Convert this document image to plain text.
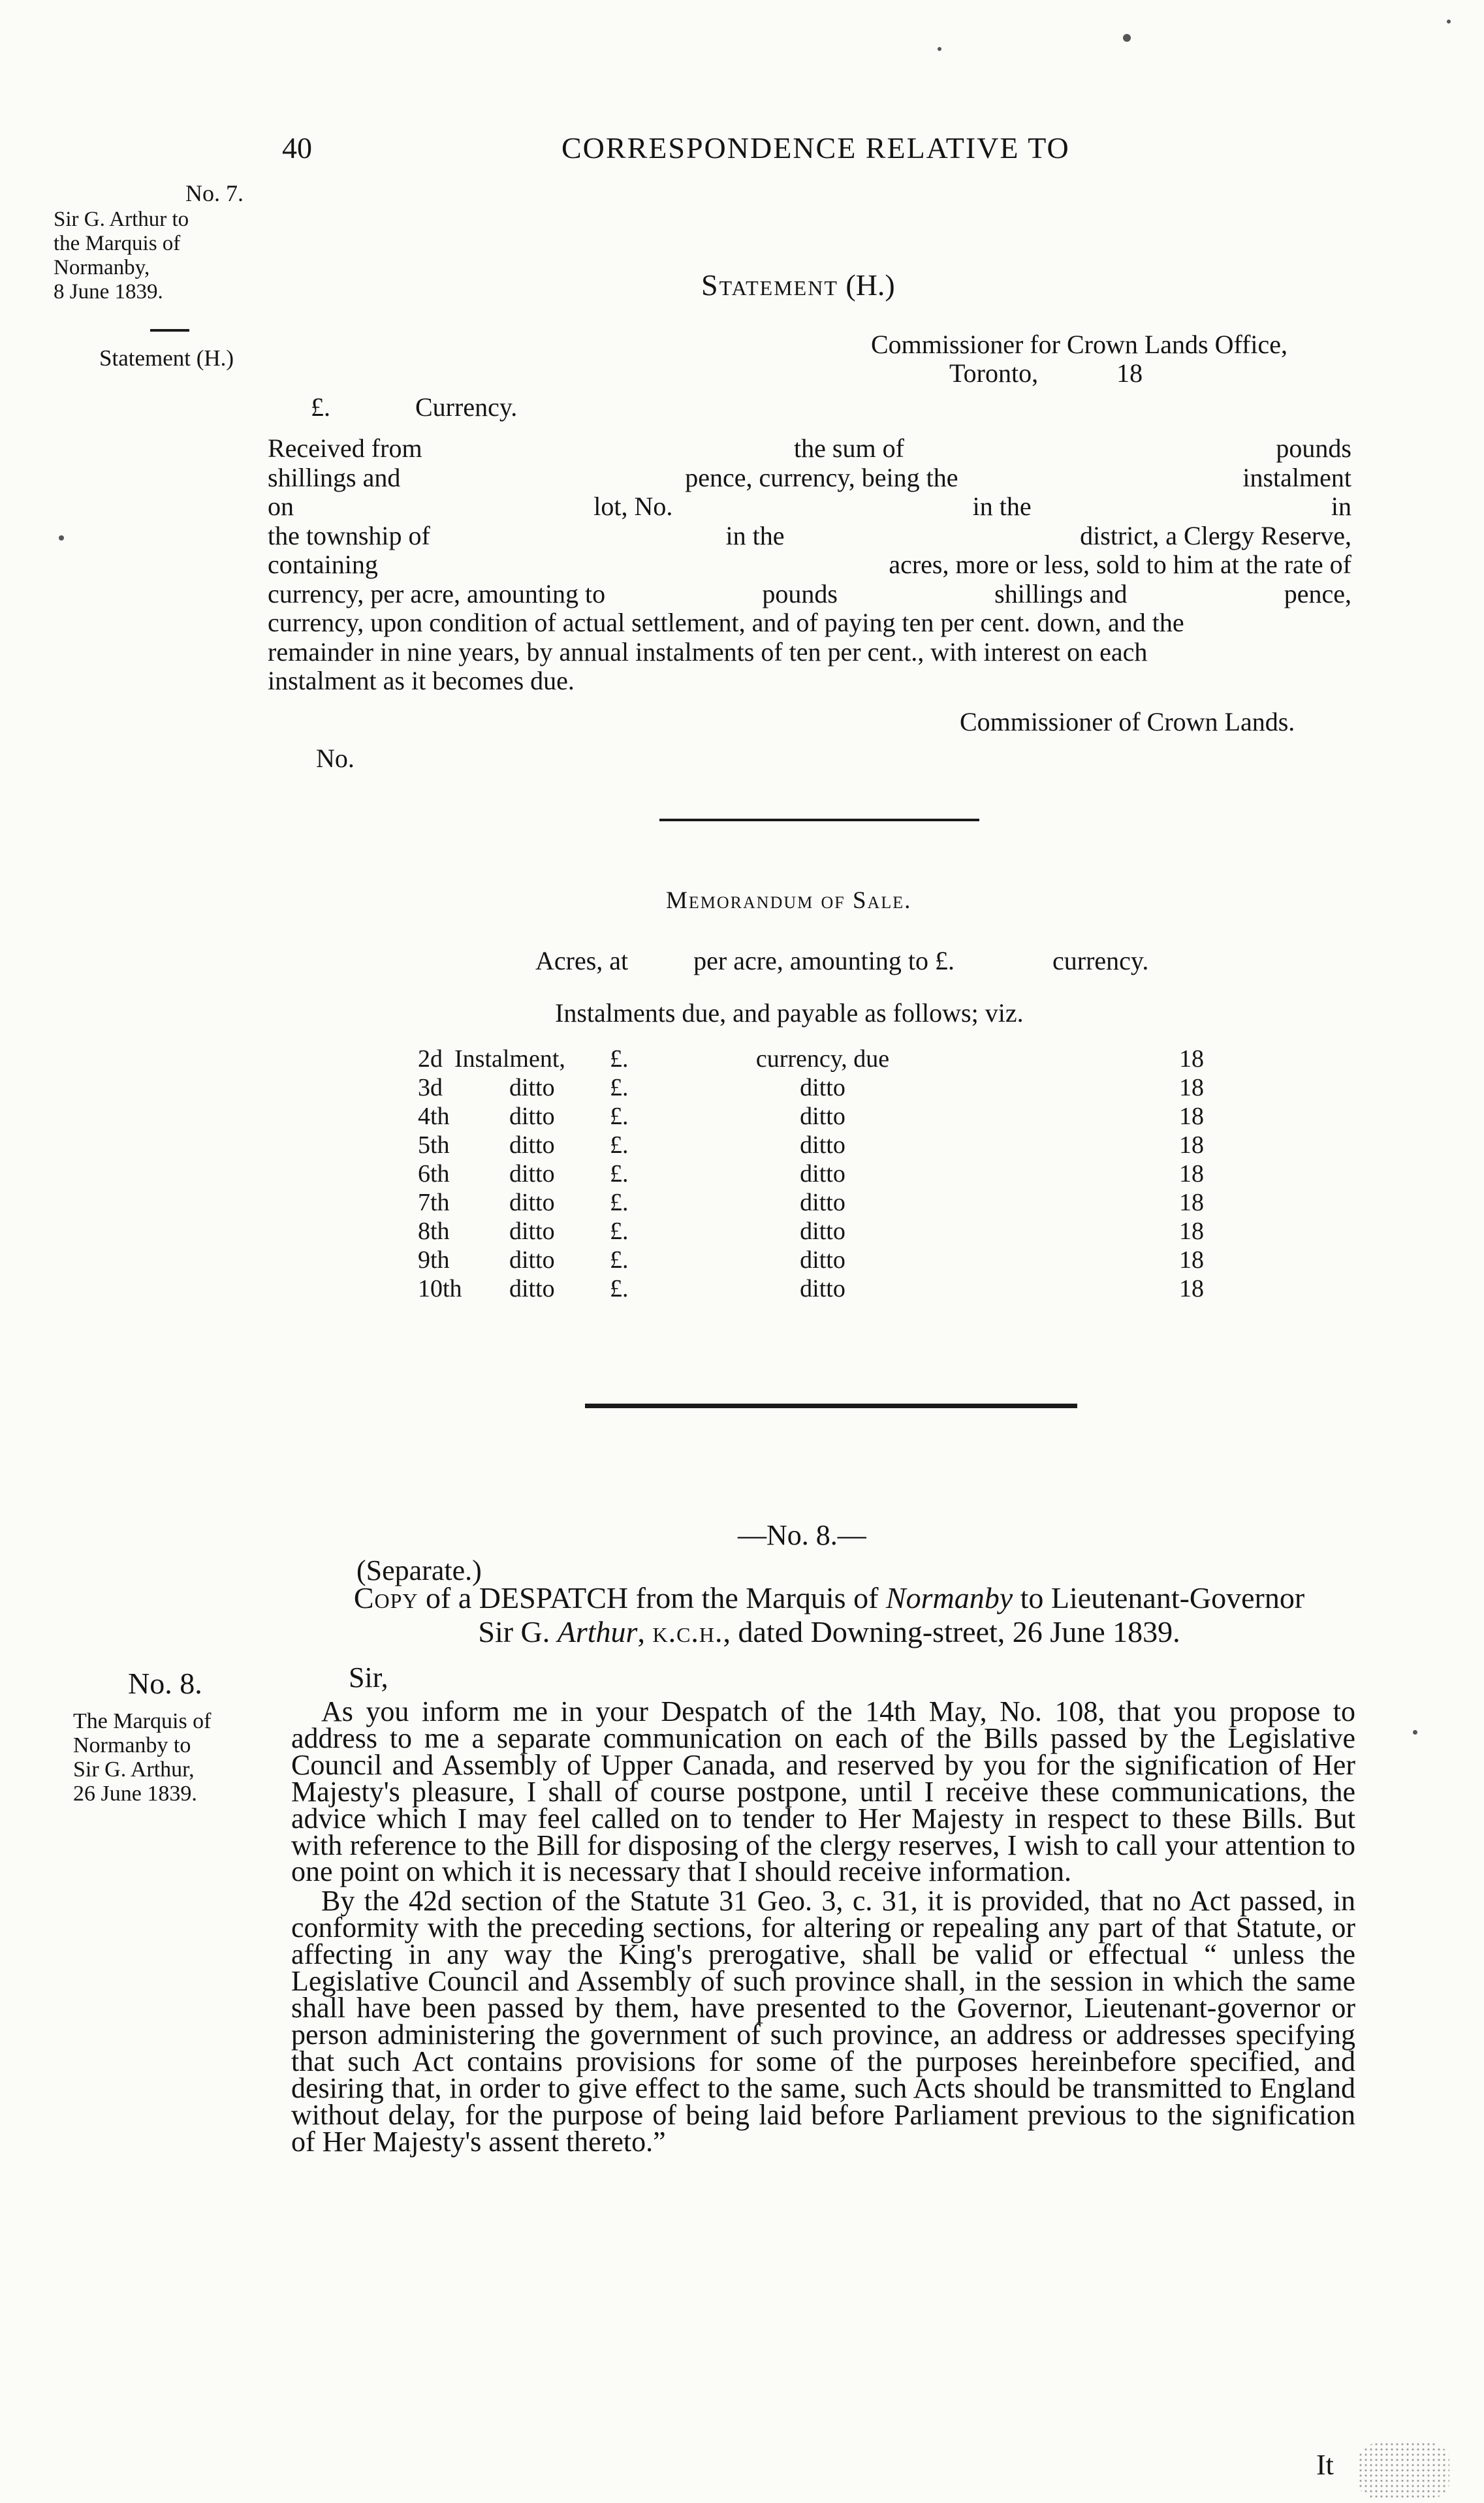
40	CORRESPONDENCE RELATIVE TO
No. 7.
Sir G. Arthur to
the Marquis of
Normanby,
8 June 1839.
Statement (H.)
Statement (H.)
Commissioner for Crown Lands Office,
Toronto,            18
£.	Currency.
Received from	the sum of	pounds
shillings and	pence, currency, being the	instalment
on	lot, No.	in the	in
the township of	in the	district, a Clergy Reserve,
containing	acres, more or less, sold to him at the rate of
currency, per acre, amounting to	pounds	shillings and	pence,
currency, upon condition of actual settlement, and of paying ten per cent. down, and the
remainder in nine years, by annual instalments of ten per cent., with interest on each
instalment as it becomes due.
Commissioner of Crown Lands.
No.
Memorandum of Sale.
Acres, at          per acre, amounting to £.               currency.
Instalments due, and payable as follows; viz.
2d Instalment, £.	currency, due	18
3d	ditto £.	ditto	18
4th ditto £.	ditto	18
5th ditto £.	ditto	18
6th ditto £.	ditto	18
7th ditto £.	ditto	18
8th ditto £.	ditto	18
9th ditto £.	ditto	18
10th ditto £.	ditto	18
—No. 8.—
(Separate.)
Copy of a DESPATCH from the Marquis of Normanby to Lieutenant-Governor
Sir G. Arthur, k.c.h., dated Downing-street, 26 June 1839.
No. 8.
The Marquis of
Normanby to
Sir G. Arthur,
26 June 1839.
Sir,

As you inform me in your Despatch of the 14th May, No. 108, that you propose to address to me a separate communication on each of the Bills passed by the Legislative Council and Assembly of Upper Canada, and reserved by you for the signification of Her Majesty's pleasure, I shall of course postpone, until I receive these communications, the advice which I may feel called on to tender to Her Majesty in respect to these Bills. But with reference to the Bill for disposing of the clergy reserves, I wish to call your attention to one point on which it is necessary that I should receive information.

By the 42d section of the Statute 31 Geo. 3, c. 31, it is provided, that no Act passed, in conformity with the preceding sections, for altering or repealing any part of that Statute, or affecting in any way the King's prerogative, shall be valid or effectual “ unless the Legislative Council and Assembly of such province shall, in the session in which the same shall have been passed by them, have presented to the Governor, Lieutenant-governor or person administering the government of such province, an address or addresses specifying that such Act contains provisions for some of the purposes hereinbefore specified, and desiring that, in order to give effect to the same, such Acts should be transmitted to England without delay, for the purpose of being laid before Parliament previous to the signification of Her Majesty's assent thereto.”

It
